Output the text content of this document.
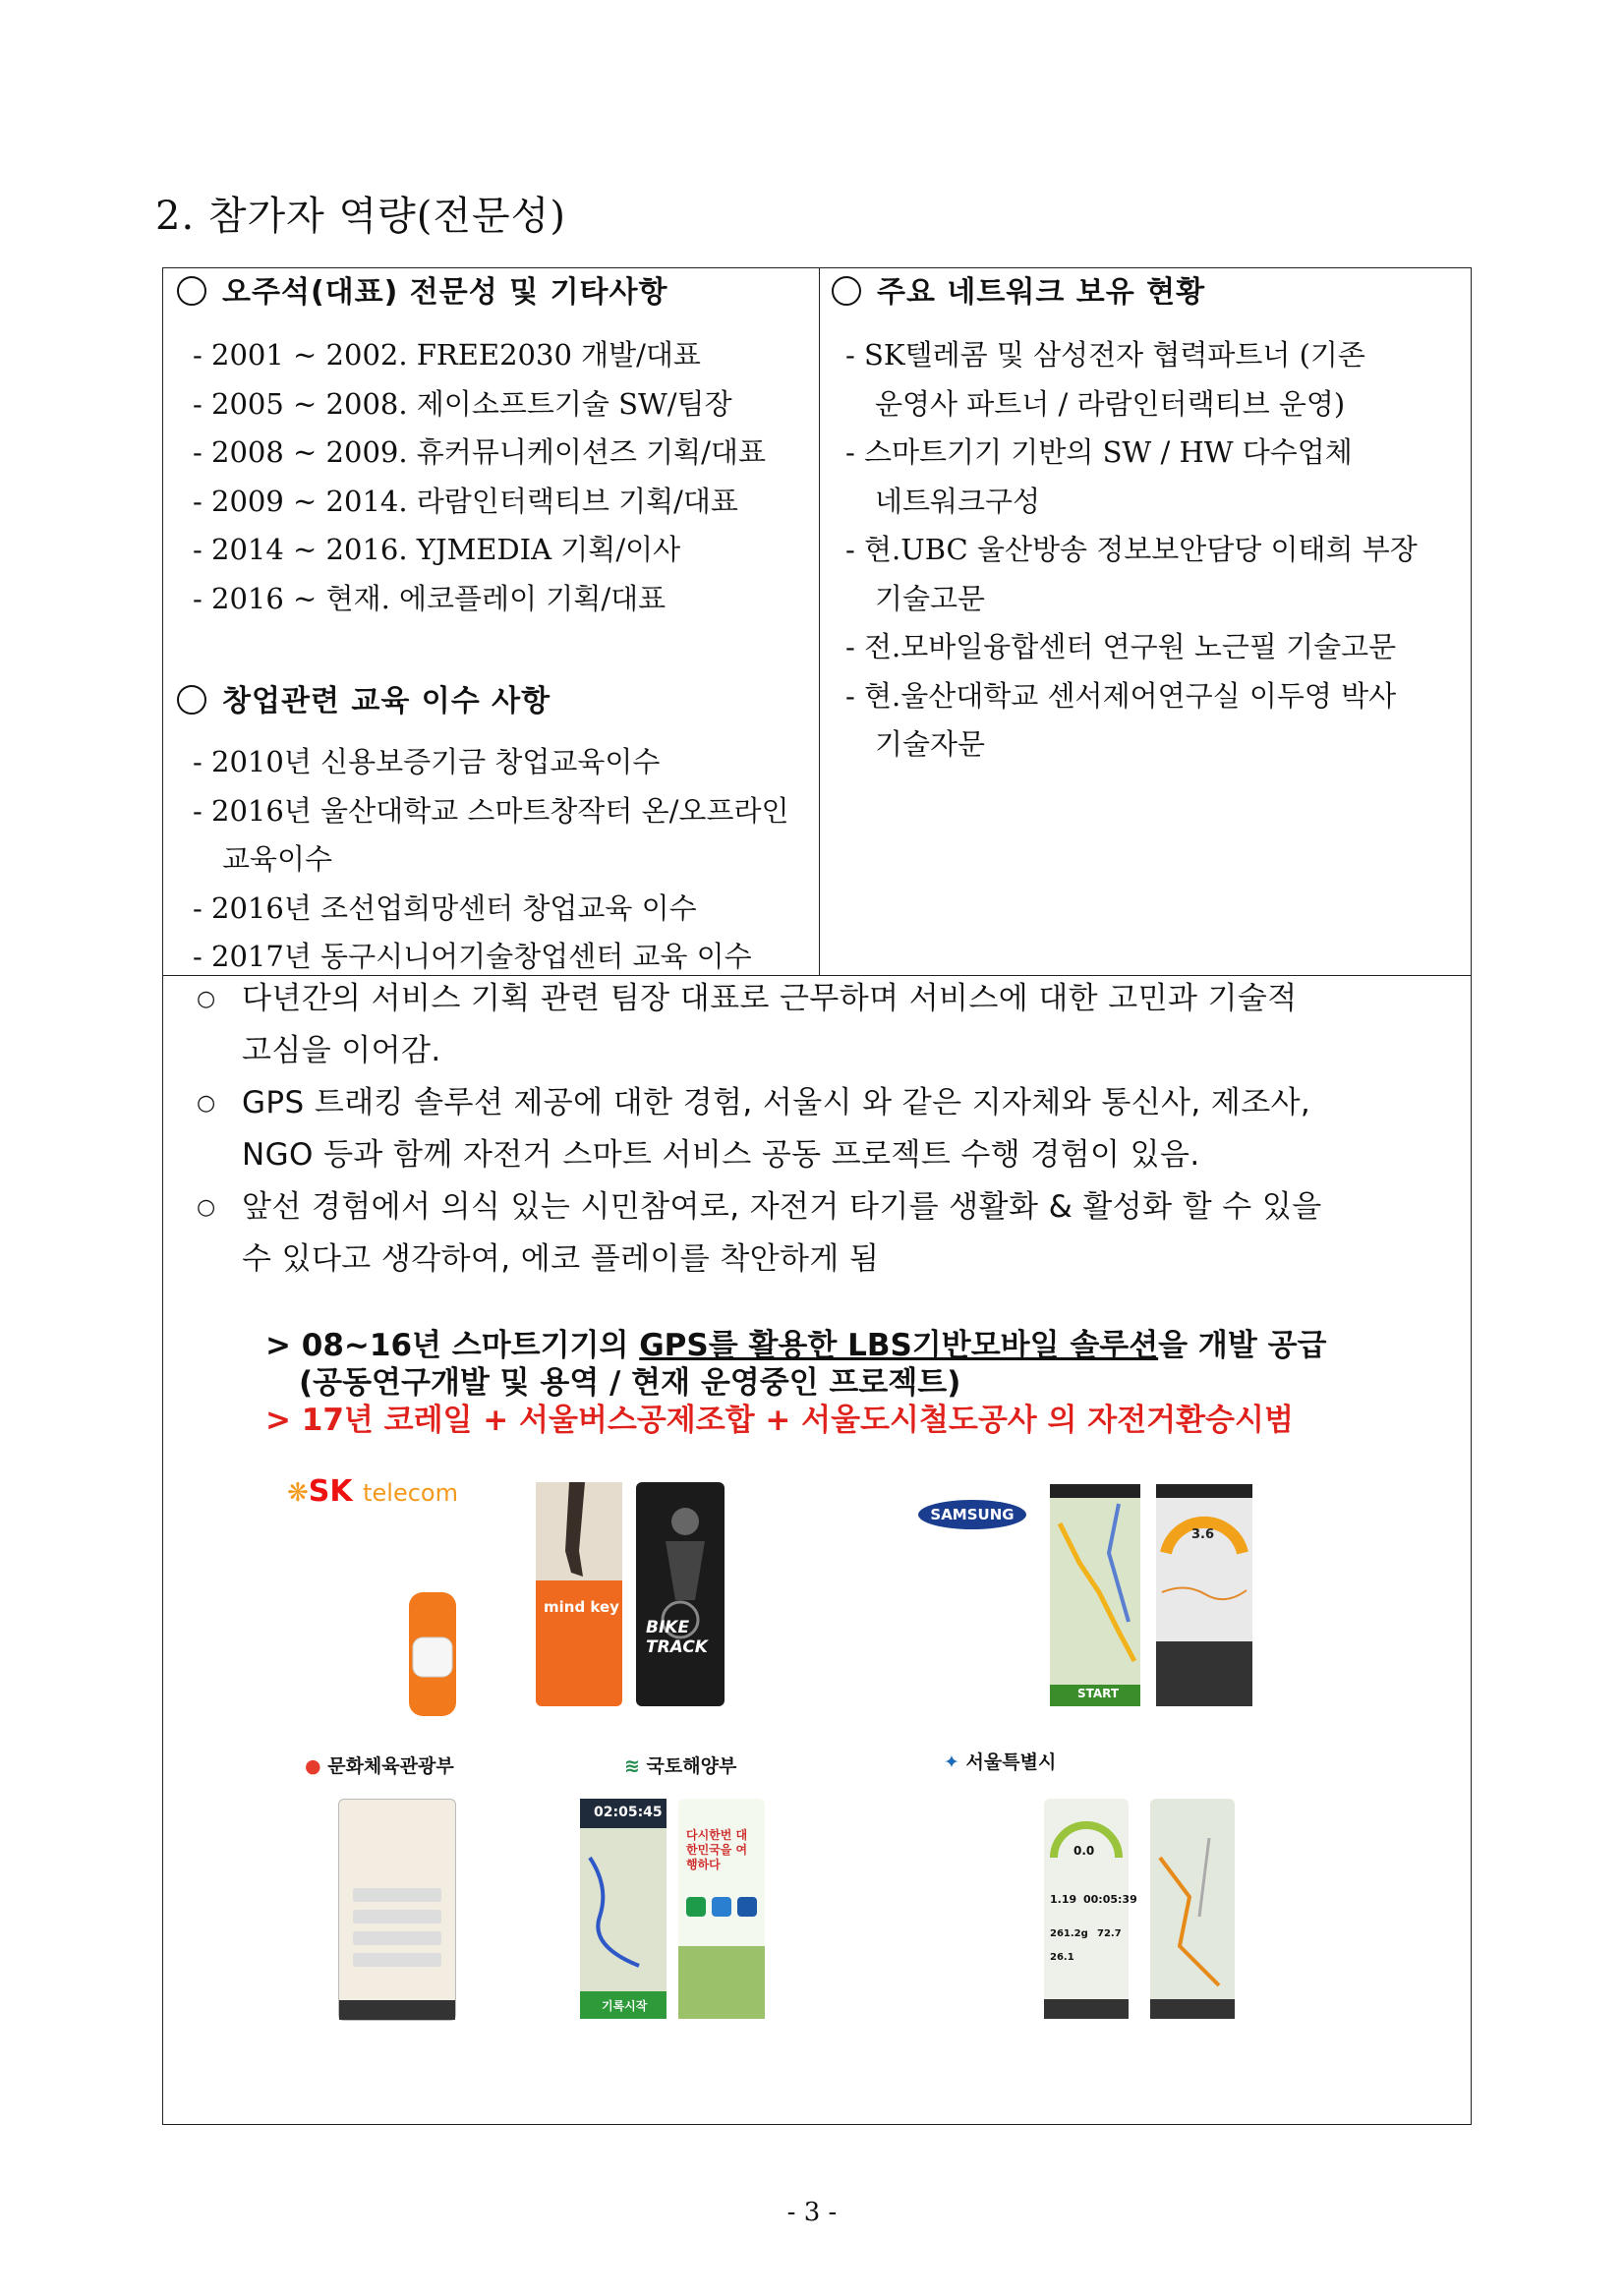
2. 참가자 역량(전문성)
오주석(대표) 전문성 및 기타사항
- 2001 ~ 2002. FREE2030 개발/대표
- 2005 ~ 2008. 제이소프트기술 SW/팀장
- 2008 ~ 2009. 휴커뮤니케이션즈 기획/대표
- 2009 ~ 2014. 라람인터랙티브 기획/대표
- 2014 ~ 2016. YJMEDIA 기획/이사
- 2016 ~ 현재. 에코플레이 기획/대표
창업관련 교육 이수 사항
- 2010년 신용보증기금 창업교육이수
- 2016년 울산대학교 스마트창작터 온/오프라인
교육이수
- 2016년 조선업희망센터 창업교육 이수
- 2017년 동구시니어기술창업센터 교육 이수
주요 네트워크 보유 현황
- SK텔레콤 및 삼성전자 협력파트너 (기존
운영사 파트너 / 라람인터랙티브 운영)
- 스마트기기 기반의 SW / HW 다수업체
네트워크구성
- 현.UBC 울산방송 정보보안담당 이태희 부장
기술고문
- 전.모바일융합센터 연구원 노근필 기술고문
- 현.울산대학교 센서제어연구실 이두영 박사
기술자문
○ 다년간의 서비스 기획 관련 팀장 대표로 근무하며 서비스에 대한 고민과 기술적
고심을 이어감.
○ GPS 트래킹 솔루션 제공에 대한 경험, 서울시 와 같은 지자체와 통신사, 제조사,
NGO 등과 함께 자전거 스마트 서비스 공동 프로젝트 수행 경험이 있음.
○ 앞선 경험에서 의식 있는 시민참여로, 자전거 타기를 생활화 & 활성화 할 수 있을
수 있다고 생각하여, 에코 플레이를 착안하게 됨
> 08~16년 스마트기기의 GPS를 활용한 LBS기반모바일 솔루션을 개발 공급
(공동연구개발 및 용역 / 현재 운영중인 프로젝트)
> 17년 코레일 + 서울버스공제조합 + 서울도시철도공사 의 자전거환승시범
❋SK telecom
mind key
BIKE
TRACK
SAMSUNG
START
3.6
● 문화체육관광부	≋ 국토해양부	✦ 서울특별시
02:05:45
기록시작
다시한번 대한민국을 여행하다
0.0
1.19 00:05:39
261.2g 72.7
26.1
- 3 -
